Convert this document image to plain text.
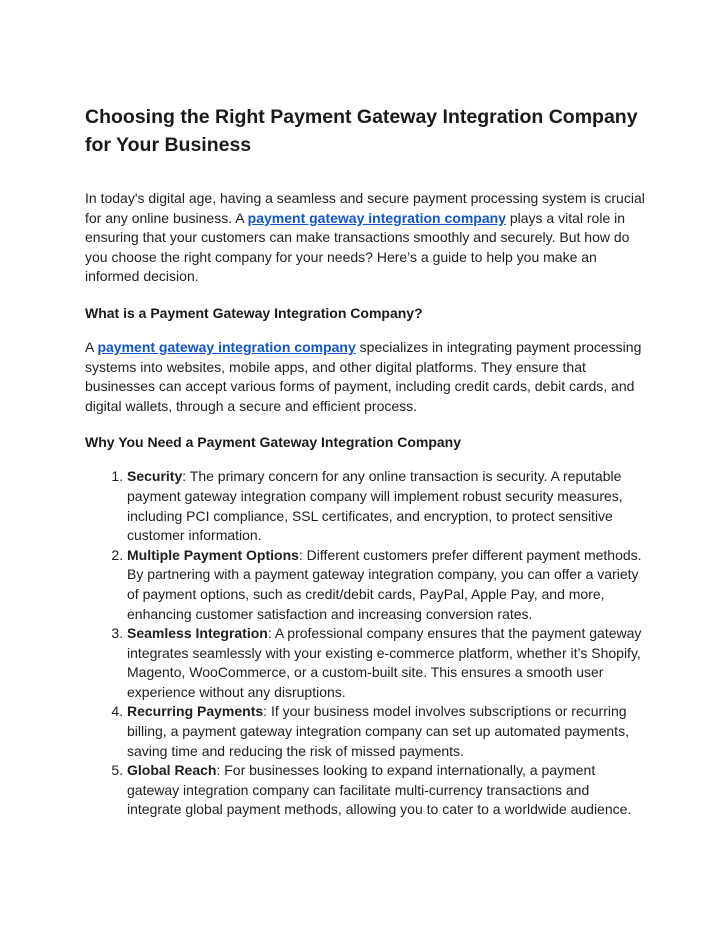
Choosing the Right Payment Gateway Integration Company for Your Business

In today's digital age, having a seamless and secure payment processing system is crucial for any online business. A payment gateway integration company plays a vital role in ensuring that your customers can make transactions smoothly and securely. But how do you choose the right company for your needs? Here’s a guide to help you make an informed decision.

What is a Payment Gateway Integration Company?

A payment gateway integration company specializes in integrating payment processing systems into websites, mobile apps, and other digital platforms. They ensure that businesses can accept various forms of payment, including credit cards, debit cards, and digital wallets, through a secure and efficient process.

Why You Need a Payment Gateway Integration Company
1. Security: The primary concern for any online transaction is security. A reputable payment gateway integration company will implement robust security measures, including PCI compliance, SSL certificates, and encryption, to protect sensitive customer information.
2. Multiple Payment Options: Different customers prefer different payment methods. By partnering with a payment gateway integration company, you can offer a variety of payment options, such as credit/debit cards, PayPal, Apple Pay, and more, enhancing customer satisfaction and increasing conversion rates.
3. Seamless Integration: A professional company ensures that the payment gateway integrates seamlessly with your existing e-commerce platform, whether it’s Shopify, Magento, WooCommerce, or a custom-built site. This ensures a smooth user experience without any disruptions.
4. Recurring Payments: If your business model involves subscriptions or recurring billing, a payment gateway integration company can set up automated payments, saving time and reducing the risk of missed payments.
5. Global Reach: For businesses looking to expand internationally, a payment gateway integration company can facilitate multi-currency transactions and integrate global payment methods, allowing you to cater to a worldwide audience.
